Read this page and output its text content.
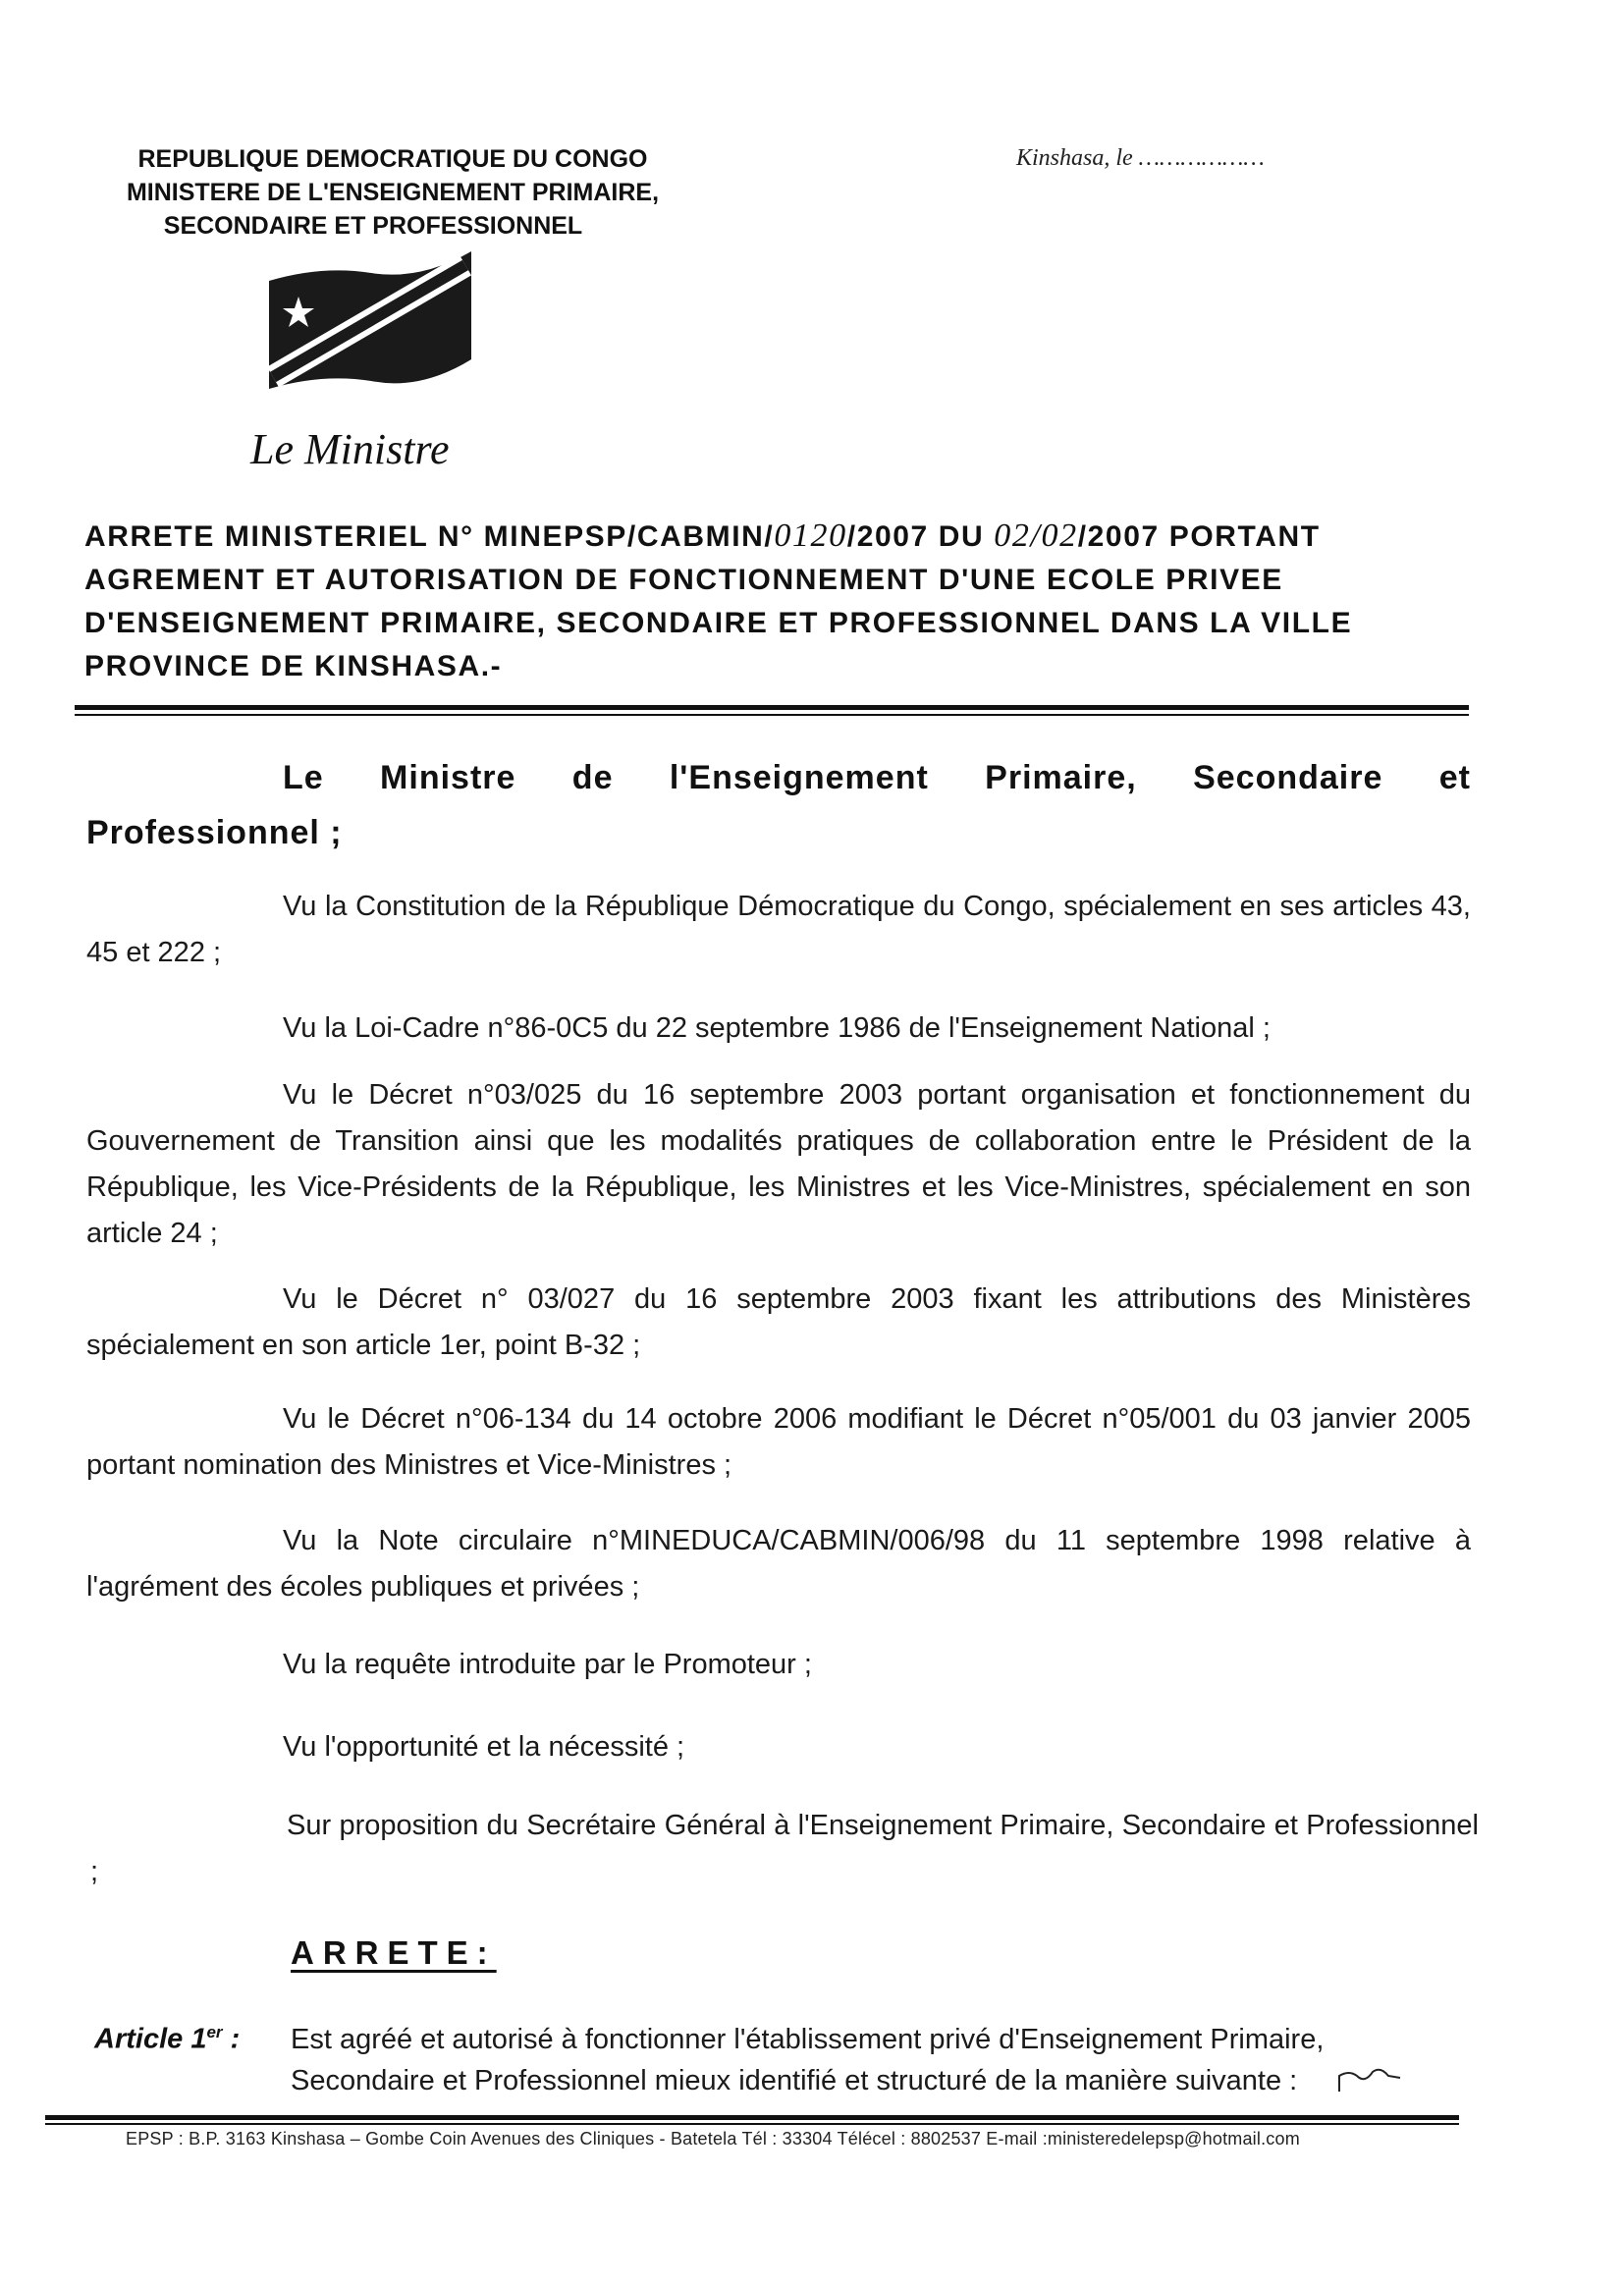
REPUBLIQUE DEMOCRATIQUE DU CONGO
MINISTERE DE L'ENSEIGNEMENT PRIMAIRE,
SECONDAIRE ET PROFESSIONNEL
Kinshasa, le ………………
Le Ministre
ARRETE MINISTERIEL N° MINEPSP/CABMIN/0120/2007 DU 02/02/2007 PORTANT
AGREMENT ET AUTORISATION DE FONCTIONNEMENT D'UNE ECOLE PRIVEE
D'ENSEIGNEMENT PRIMAIRE, SECONDAIRE ET PROFESSIONNEL DANS LA VILLE
PROVINCE DE KINSHASA.-
Le Ministre de l'Enseignement Primaire, Secondaire et
Professionnel ;
Vu la Constitution de la République Démocratique du Congo, spécialement en ses articles 43, 45 et 222 ;
Vu la Loi-Cadre n°86-0C5 du 22 septembre 1986 de l'Enseignement National ;
Vu le Décret n°03/025 du 16 septembre 2003 portant organisation et fonctionnement du Gouvernement de Transition ainsi que les modalités pratiques de collaboration entre le Président de la République, les Vice-Présidents de la République, les Ministres et les Vice-Ministres, spécialement en son article 24 ;
Vu le Décret n° 03/027 du 16 septembre 2003 fixant les attributions des Ministères spécialement en son article 1er, point B-32 ;
Vu le Décret n°06-134 du 14 octobre 2006 modifiant le Décret n°05/001 du 03 janvier 2005 portant nomination des Ministres et Vice-Ministres ;
Vu la Note circulaire n°MINEDUCA/CABMIN/006/98 du 11 septembre 1998 relative à l'agrément des écoles publiques et privées ;
Vu la requête introduite par le Promoteur ;
Vu l'opportunité et la nécessité ;
Sur proposition du Secrétaire Général à l'Enseignement Primaire, Secondaire et Professionnel ;
ARRETE:
Article 1er : Est agréé et autorisé à fonctionner l'établissement privé d'Enseignement Primaire,
Secondaire et Professionnel mieux identifié et structuré de la manière suivante :
EPSP : B.P. 3163 Kinshasa – Gombe Coin Avenues des Cliniques - Batetela Tél : 33304 Télécel : 8802537 E-mail :ministeredelepsp@hotmail.com
